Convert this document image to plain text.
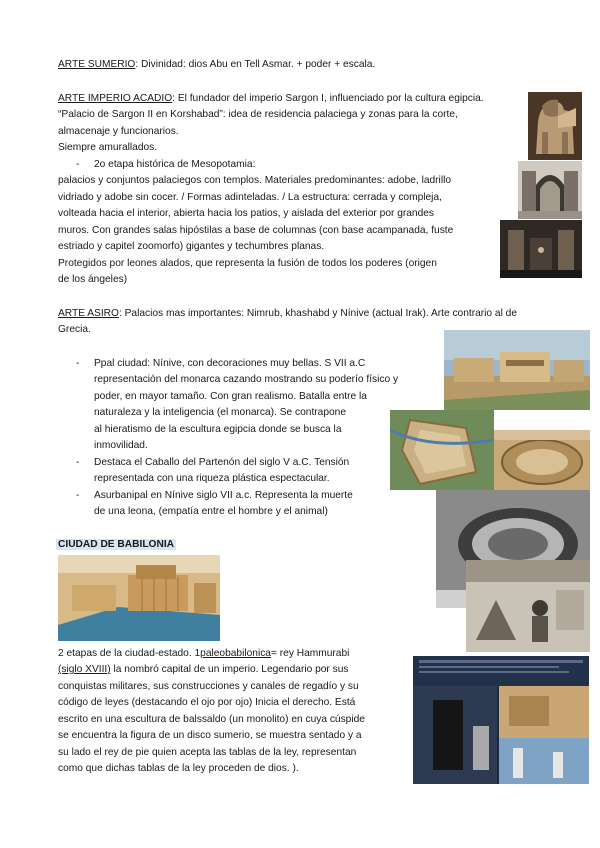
ARTE SUMERIO: Divinidad: dios Abu en Tell Asmar. + poder + escala.
ARTE IMPERIO ACADIO: El fundador del imperio Sargon I, influenciado por la cultura egipcia.
“Palacio de Sargon II en Korshabad”: idea de residencia palaciega y zonas para la corte,
almacenaje y funcionarios.
Siempre amurallados.
- 2o etapa histórica de Mesopotamia:
palacios y conjuntos palaciegos con templos. Materiales predominantes: adobe, ladrillo
vidriado y adobe sin cocer. / Formas adinteladas. / La estructura: cerrada y compleja,
volteada hacia el interior, abierta hacia los patios, y aislada del exterior por grandes
muros. Con grandes salas hipóstilas a base de columnas (con base acampanada, fuste
estriado y capitel zoomorfo) gigantes y techumbres planas.
Protegidos por leones alados, que representa la fusión de todos los poderes (origen
de los ángeles)
ARTE ASIRO: Palacios mas importantes: Nimrub, khashabd y Nínive (actual Irak). Arte contrario al de
Grecia.
- Ppal ciudad: Nínive, con decoraciones muy bellas. S VII a.C
representación del monarca cazando mostrando su poderío físico y
poder, en mayor tamaño. Con gran realismo. Batalla entre la
naturaleza y la inteligencia (el monarca). Se contrapone
al hieratismo de la escultura egipcia donde se busca la
inmovilidad.
- Destaca el Caballo del Partenón del siglo V a.C. Tensión
representada con una riqueza plástica espectacular.
- Asurbanipal en Nínive siglo VII a.c. Representa la muerte
de una leona, (empatía entre el hombre y el animal)
CIUDAD DE BABILONIA
2 etapas de la ciudad-estado. 1paleobabilonica= rey Hammurabi
(siglo XVIII) la nombró capital de un imperio. Legendario por sus
conquistas militares, sus construcciones y canales de regadío y su
código de leyes (destacando el ojo por ojo) Inicia el derecho. Está
escrito en una escultura de balssaldo (un monolito) en cuya cúspide
se encuentra la figura de un disco sumerio, se muestra sentado y a
su lado el rey de pie quien acepta las tablas de la ley, representan
como que dichas tablas de la ley proceden de dios. ).
